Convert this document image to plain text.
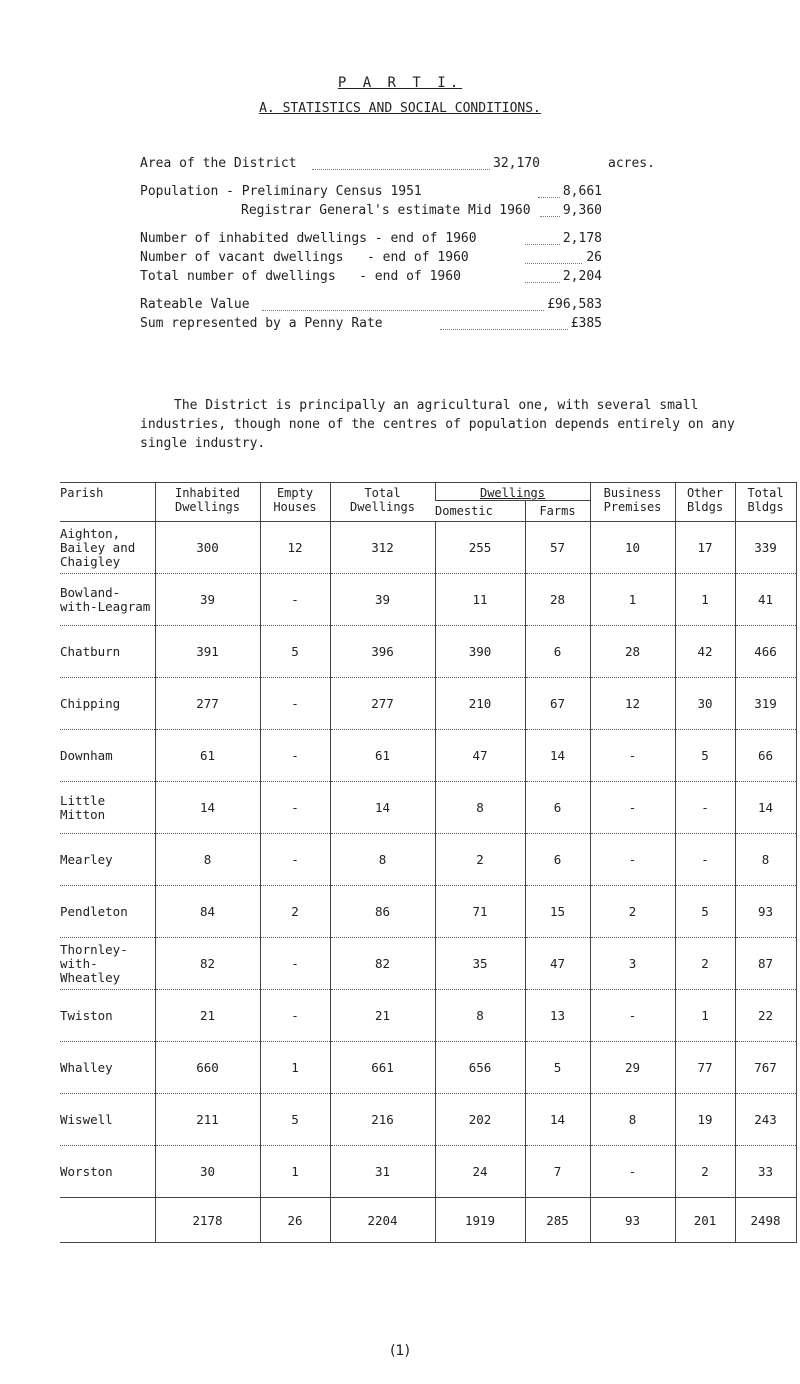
P A R T I.
A. STATISTICS AND SOCIAL CONDITIONS.
Area of the District	32,170	acres.
Population - Preliminary Census 1951	8,661
Registrar General's estimate Mid 1960 9,360
Number of inhabited dwellings - end of 1960	2,178
Number of vacant dwellings   - end of 1960	26
Total number of dwellings   - end of 1960	2,204
Rateable Value	£96,583
Sum represented by a Penny Rate	£385

The District is principally an agricultural one, with several small industries, though none of the centres of population depends entirely on any single industry.

Parish	Inhabited Dwellings	Empty Houses	Total Dwellings	Dwellings		Business Premises	Other Bldgs	Total Bldgs
				Domestic	Farms			
Aighton, Bailey and Chaigley	300	12	312	255	57	10	17	339
Bowland-with-Leagram	39	-	39	11	28	1	1	41
Chatburn	391	5	396	390	6	28	42	466
Chipping	277	-	277	210	67	12	30	319
Downham	61	-	61	47	14	-	5	66
Little Mitton	14	-	14	8	6	-	-	14
Mearley	8	-	8	2	6	-	-	8
Pendleton	84	2	86	71	15	2	5	93
Thornley-with-Wheatley	82	-	82	35	47	3	2	87
Twiston	21	-	21	8	13	-	1	22
Whalley	660	1	661	656	5	29	77	767
Wiswell	211	5	216	202	14	8	19	243
Worston	30	1	31	24	7	-	2	33
	2178	26	2204	1919	285	93	201	2498
(1)
